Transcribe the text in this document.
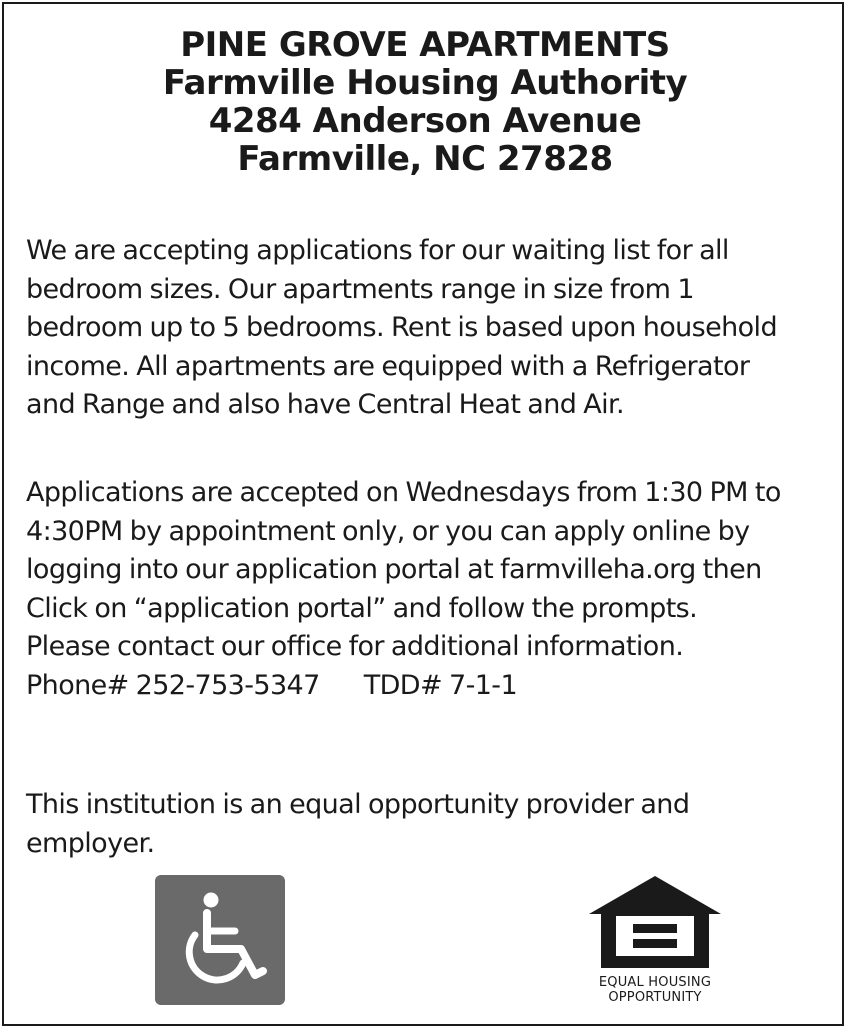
PINE GROVE APARTMENTS
Farmville Housing Authority
4284 Anderson Avenue
Farmville, NC 27828
We are accepting applications for our waiting list for all
bedroom sizes. Our apartments range in size from 1
bedroom up to 5 bedrooms. Rent is based upon household
income. All apartments are equipped with a Refrigerator
and Range and also have Central Heat and Air.
Applications are accepted on Wednesdays from 1:30 PM to
4:30PM by appointment only, or you can apply online by
logging into our application portal at farmvilleha.org then
Click on “application portal” and follow the prompts.
Please contact our office for additional information.
Phone# 252-753-5347 TDD# 7-1-1
This institution is an equal opportunity provider and
employer.
EQUAL HOUSING
OPPORTUNITY
